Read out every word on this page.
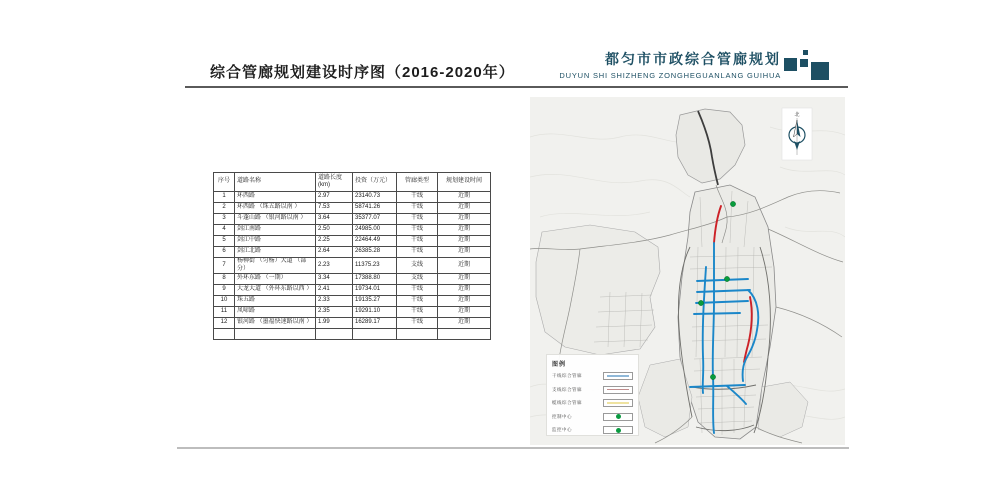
综合管廊规划建设时序图（2016-2020年）
都匀市市政综合管廊规划
DUYUN SHI SHIZHENG ZONGHEGUANLANG GUIHUA
序号	道路名称	道路长度 (km)	投资（万元）	管廊类型	规划建设时间
1	环西路	2.97	23140.73	干线	近期
2	环西路 （珠五路以南 ）	7.53	58741.26	干线	近期
3	斗蓬山路 （银河路以南 ）	3.64	35377.07	干线	近期
4	剑江南路	2.50	24985.00	干线	近期
5	剑江中路	2.25	22464.49	干线	近期
6	剑江北路	2.64	26385.28	干线	近期
7	杨柳街 （匀杨）大道 （部分）	2.23	11375.23	支线	近期
8	外环东路 （一期）	3.34	17388.80	支线	近期
9	大龙大道 （外环东路以西 ）	2.41	19734.01	干线	近期
10	珠五路	2.33	19135.27	干线	近期
11	凤啼路	2.35	19291.10	干线	近期
12	银河路 （墨福快速路以南 ）	1.99	16289.17	干线	近期

北
图例
干线综合管廊
支线综合管廊
缆线综合管廊
控制中心
监控中心
